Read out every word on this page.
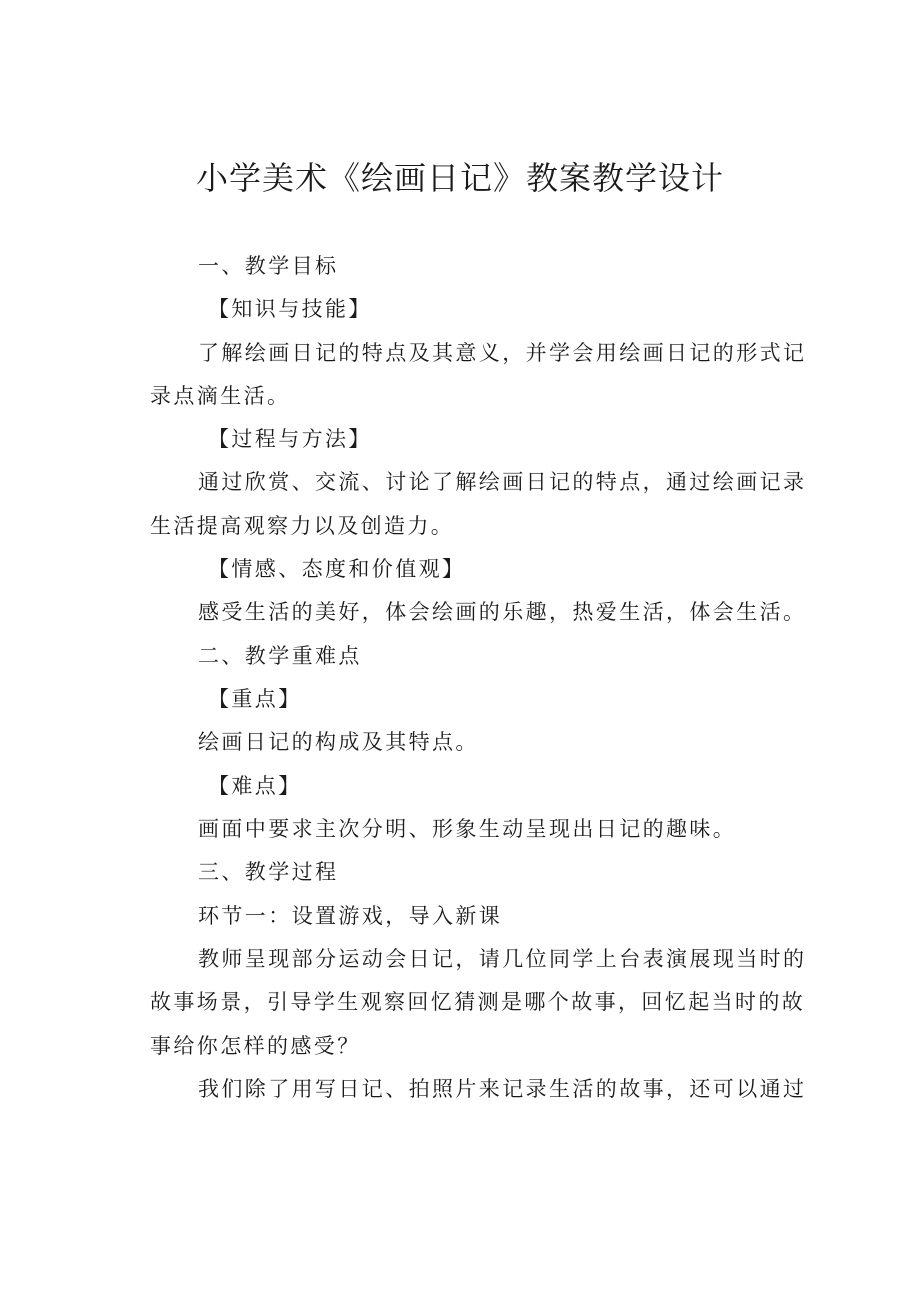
小学美术《绘画日记》教案教学设计
一、教学目标
【知识与技能】
了解绘画日记的特点及其意义，并学会用绘画日记的形式记
录点滴生活。
【过程与方法】
通过欣赏、交流、讨论了解绘画日记的特点，通过绘画记录
生活提高观察力以及创造力。
【情感、态度和价值观】
感受生活的美好，体会绘画的乐趣，热爱生活，体会生活。
二、教学重难点
【重点】
绘画日记的构成及其特点。
【难点】
画面中要求主次分明、形象生动呈现出日记的趣味。
三、教学过程
环节一：设置游戏，导入新课
教师呈现部分运动会日记，请几位同学上台表演展现当时的
故事场景，引导学生观察回忆猜测是哪个故事，回忆起当时的故
事给你怎样的感受？
我们除了用写日记、拍照片来记录生活的故事，还可以通过
